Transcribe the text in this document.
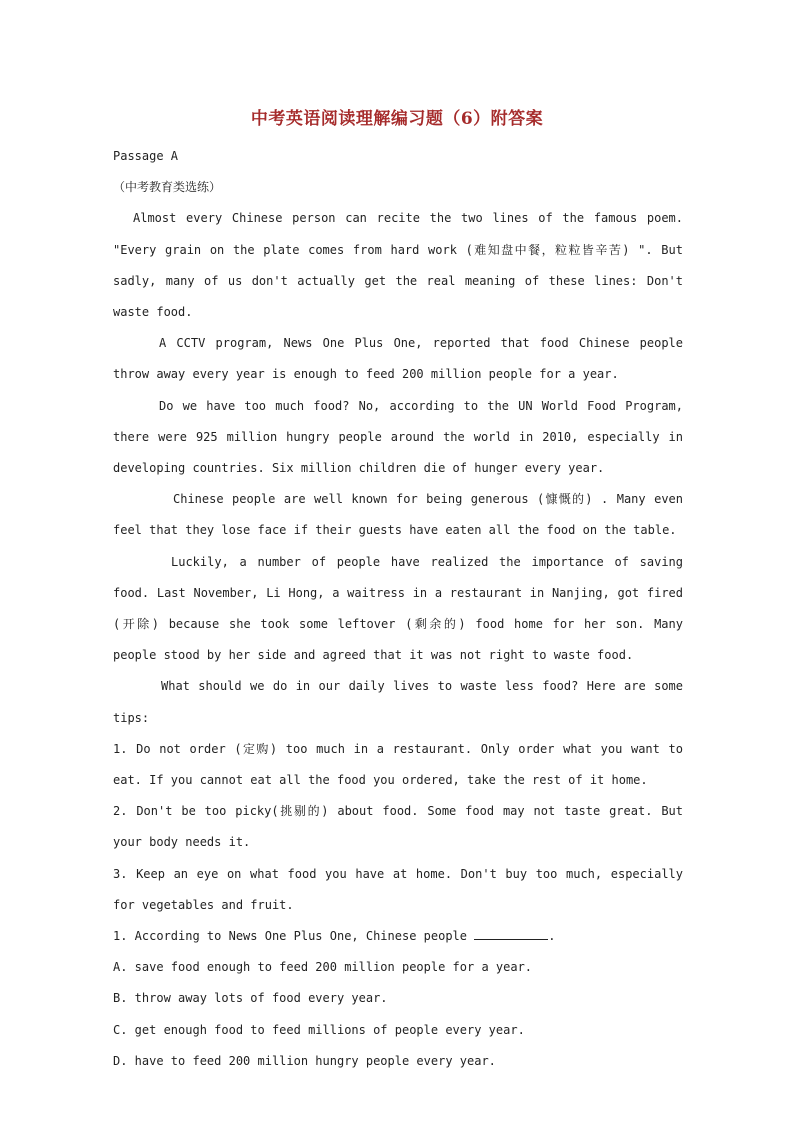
中考英语阅读理解编习题（6）附答案

Passage A

（中考教育类选练）

Almost every Chinese person can recite the two lines of the famous poem. "Every grain on the plate comes from hard work (难知盘中餐，粒粒皆辛苦) ". But sadly, many of us don't actually get the real meaning of these lines: Don't waste food.

A CCTV program, News One Plus One, reported that food Chinese people throw away every year is enough to feed 200 million people for a year.

Do we have too much food? No, according to the UN World Food Program, there were 925 million hungry people around the world in 2010, especially in developing countries. Six million children die of hunger every year.

Chinese people are well known for being generous (慷慨的) . Many even feel that they lose face if their guests have eaten all the food on the table.

Luckily, a number of people have realized the importance of saving food. Last November, Li Hong, a waitress in a restaurant in Nanjing, got fired (开除) because she took some leftover (剩余的) food home for her son. Many people stood by her side and agreed that it was not right to waste food.

What should we do in our daily lives to waste less food? Here are some tips:

1. Do not order (定购) too much in a restaurant. Only order what you want to eat. If you cannot eat all the food you ordered, take the rest of it home.

2. Don't be too picky(挑剔的) about food. Some food may not taste great. But your body needs it.

3. Keep an eye on what food you have at home. Don't buy too much, especially for vegetables and fruit.

1. According to News One Plus One, Chinese people	.

A. save food enough to feed 200 million people for a year.

B. throw away lots of food every year.

C. get enough food to feed millions of people every year.

D. have to feed 200 million hungry people every year.
